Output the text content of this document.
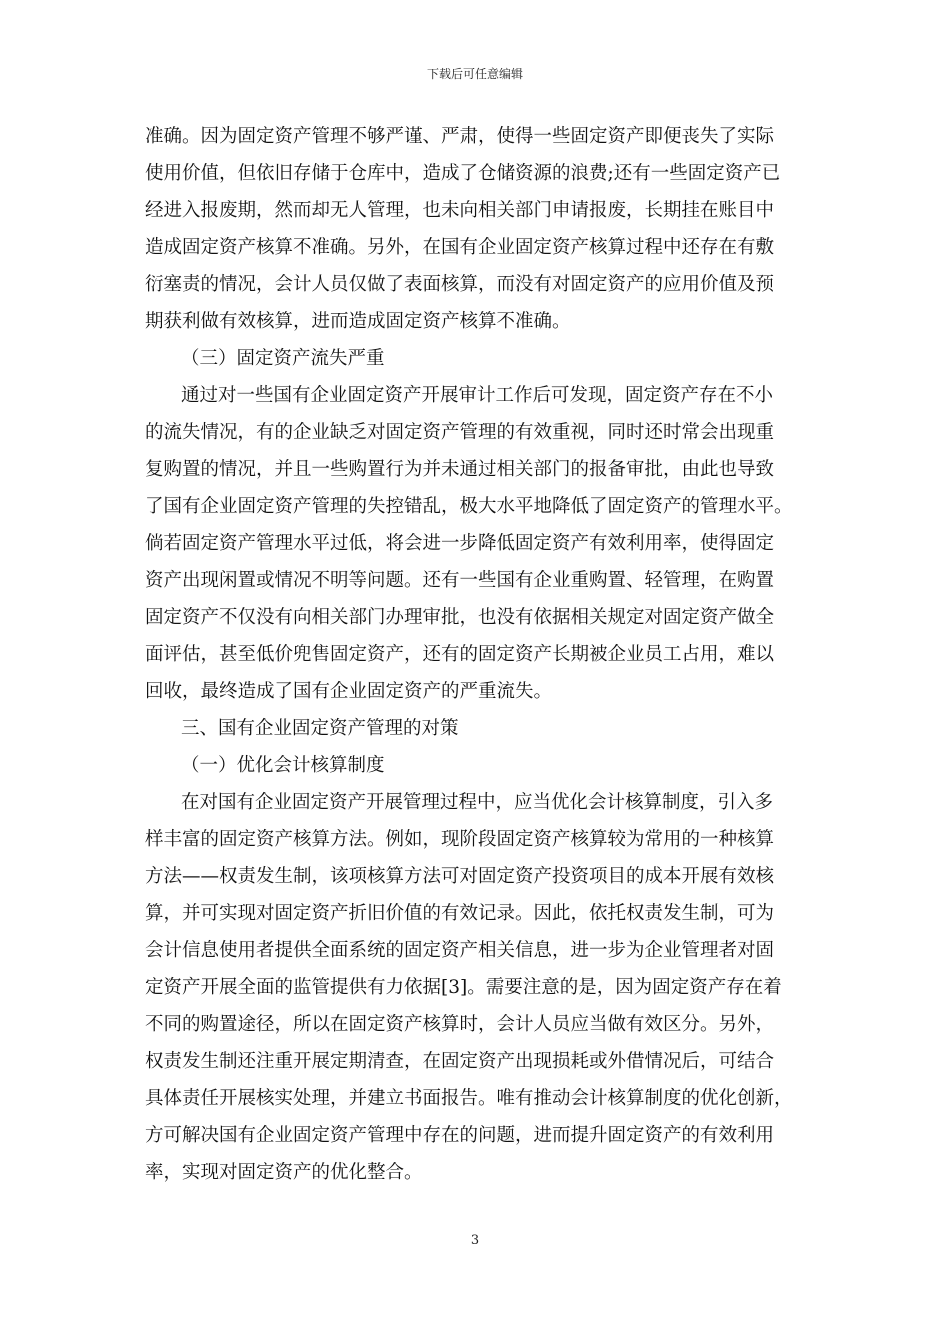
下载后可任意编辑
准确。因为固定资产管理不够严谨、严肃，使得一些固定资产即便丧失了实际
使用价值，但依旧存储于仓库中，造成了仓储资源的浪费;还有一些固定资产已
经进入报废期，然而却无人管理，也未向相关部门申请报废，长期挂在账目中
造成固定资产核算不准确。另外，在国有企业固定资产核算过程中还存在有敷
衍塞责的情况，会计人员仅做了表面核算，而没有对固定资产的应用价值及预
期获利做有效核算，进而造成固定资产核算不准确。
（三）固定资产流失严重
通过对一些国有企业固定资产开展审计工作后可发现，固定资产存在不小
的流失情况，有的企业缺乏对固定资产管理的有效重视，同时还时常会出现重
复购置的情况，并且一些购置行为并未通过相关部门的报备审批，由此也导致
了国有企业固定资产管理的失控错乱，极大水平地降低了固定资产的管理水平。
倘若固定资产管理水平过低，将会进一步降低固定资产有效利用率，使得固定
资产出现闲置或情况不明等问题。还有一些国有企业重购置、轻管理，在购置
固定资产不仅没有向相关部门办理审批，也没有依据相关规定对固定资产做全
面评估，甚至低价兜售固定资产，还有的固定资产长期被企业员工占用，难以
回收，最终造成了国有企业固定资产的严重流失。
三、国有企业固定资产管理的对策
（一）优化会计核算制度
在对国有企业固定资产开展管理过程中，应当优化会计核算制度，引入多
样丰富的固定资产核算方法。例如，现阶段固定资产核算较为常用的一种核算
方法——权责发生制，该项核算方法可对固定资产投资项目的成本开展有效核
算，并可实现对固定资产折旧价值的有效记录。因此，依托权责发生制，可为
会计信息使用者提供全面系统的固定资产相关信息，进一步为企业管理者对固
定资产开展全面的监管提供有力依据[3]。需要注意的是，因为固定资产存在着
不同的购置途径，所以在固定资产核算时，会计人员应当做有效区分。另外，
权责发生制还注重开展定期清查，在固定资产出现损耗或外借情况后，可结合
具体责任开展核实处理，并建立书面报告。唯有推动会计核算制度的优化创新，
方可解决国有企业固定资产管理中存在的问题，进而提升固定资产的有效利用
率，实现对固定资产的优化整合。
3
